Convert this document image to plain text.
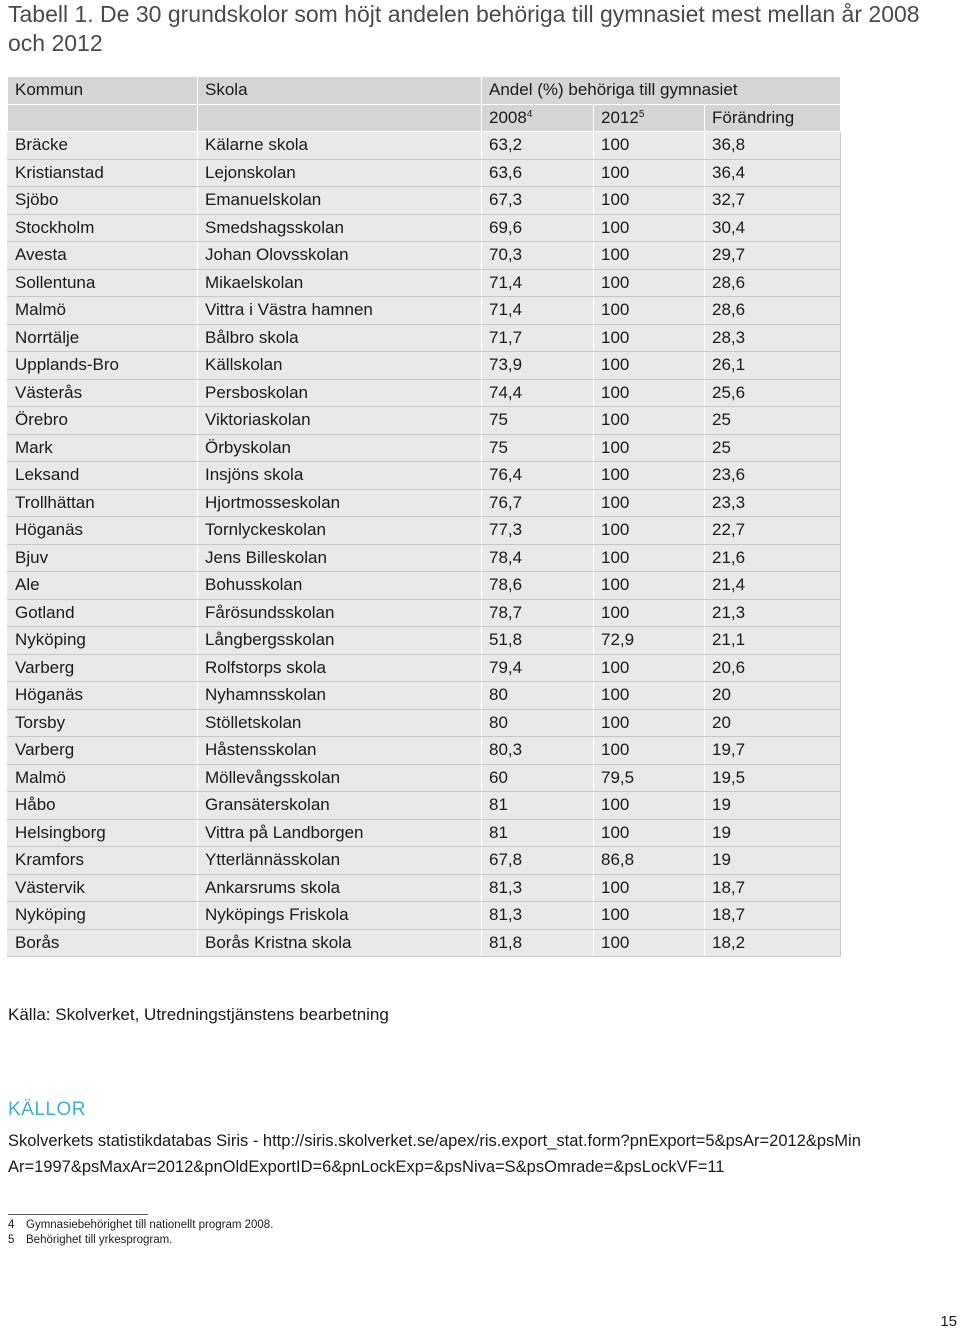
Tabell 1. De 30 grundskolor som höjt andelen behöriga till gymnasiet mest mellan år 2008 och 2012
Kommun	Skola	Andel (%) behöriga till gymnasiet		
		2008$^4$	2012$^5$	Förändring
Bräcke	Kälarne skola	63,2	100	36,8
Kristianstad	Lejonskolan	63,6	100	36,4
Sjöbo	Emanuelskolan	67,3	100	32,7
Stockholm	Smedshagsskolan	69,6	100	30,4
Avesta	Johan Olovsskolan	70,3	100	29,7
Sollentuna	Mikaelskolan	71,4	100	28,6
Malmö	Vittra i Västra hamnen	71,4	100	28,6
Norrtälje	Bålbro skola	71,7	100	28,3
Upplands-Bro	Källskolan	73,9	100	26,1
Västerås	Persboskolan	74,4	100	25,6
Örebro	Viktoriaskolan	75	100	25
Mark	Örbyskolan	75	100	25
Leksand	Insjöns skola	76,4	100	23,6
Trollhättan	Hjortmosseskolan	76,7	100	23,3
Höganäs	Tornlyckeskolan	77,3	100	22,7
Bjuv	Jens Billeskolan	78,4	100	21,6
Ale	Bohusskolan	78,6	100	21,4
Gotland	Fårösundsskolan	78,7	100	21,3
Nyköping	Långbergsskolan	51,8	72,9	21,1
Varberg	Rolfstorps skola	79,4	100	20,6
Höganäs	Nyhamnsskolan	80	100	20
Torsby	Stölletskolan	80	100	20
Varberg	Håstensskolan	80,3	100	19,7
Malmö	Möllevångsskolan	60	79,5	19,5
Håbo	Gransäterskolan	81	100	19
Helsingborg	Vittra på Landborgen	81	100	19
Kramfors	Ytterlännässkolan	67,8	86,8	19
Västervik	Ankarsrums skola	81,3	100	18,7
Nyköping	Nyköpings Friskola	81,3	100	18,7
Borås	Borås Kristna skola	81,8	100	18,2
Källa: Skolverket, Utredningstjänstens bearbetning
KÄLLOR
Skolverkets statistikdatabas Siris - http://siris.skolverket.se/apex/ris.export_stat.form?pnExport=5&psAr=2012&psMin
Ar=1997&psMaxAr=2012&pnOldExportID=6&pnLockExp=&psNiva=S&psOmrade=&psLockVF=11
4 Gymnasiebehörighet till nationellt program 2008.
5 Behörighet till yrkesprogram.
15
